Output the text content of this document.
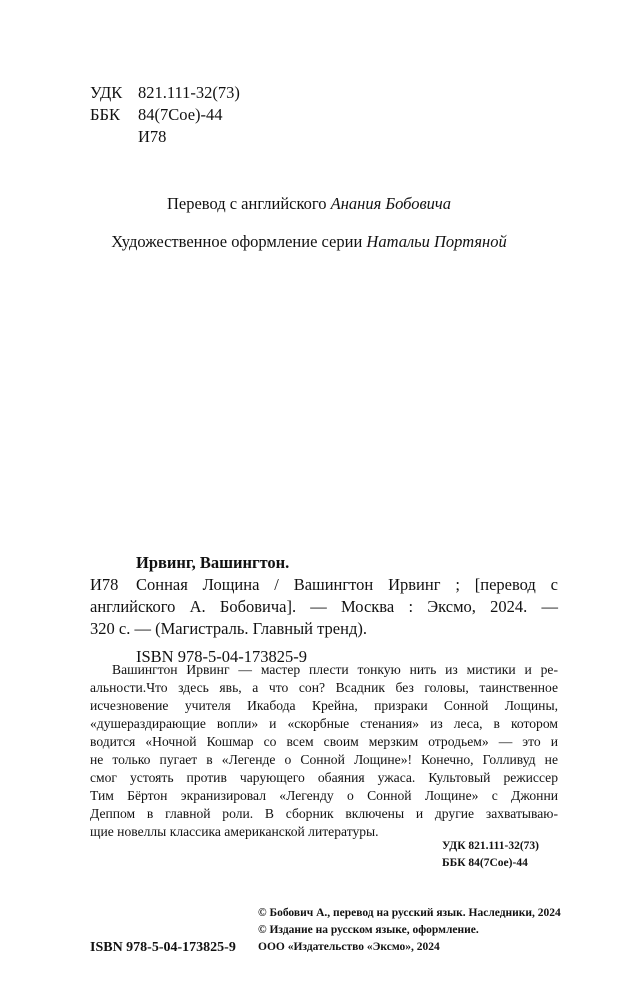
УДК 821.111-32(73)
ББК 84(7Сое)-44
И78
Перевод с английского Анания Бобовича
Художественное оформление серии Натальи Портяной
Ирвинг, Вашингтон.
И78 Сонная Лощина / Вашингтон Ирвинг ; [перевод с
английского А. Бобовича]. — Москва : Эксмо, 2024. —
320 с. — (Магистраль. Главный тренд).
ISBN 978-5-04-173825-9
Вашингтон Ирвинг — мастер плести тонкую нить из мистики и ре-
альности.Что здесь явь, а что сон? Всадник без головы, таинственное
исчезновение учителя Икабода Крейна, призраки Сонной Лощины,
«душераздирающие вопли» и «скорбные стенания» из леса, в котором
водится «Ночной Кошмар со всем своим мерзким отродьем» — это и
не только пугает в «Легенде о Сонной Лощине»! Конечно, Голливуд не
смог устоять против чарующего обаяния ужаса. Культовый режиссер
Тим Бёртон экранизировал «Легенду о Сонной Лощине» с Джонни
Деппом в главной роли. В сборник включены и другие захватываю-
щие новеллы классика американской литературы.
УДК 821.111-32(73)
ББК 84(7Сое)-44
© Бобович А., перевод на русский язык. Наследники, 2024
© Издание на русском языке, оформление.
ISBN 978-5-04-173825-9 ООО «Издательство «Эксмо», 2024
